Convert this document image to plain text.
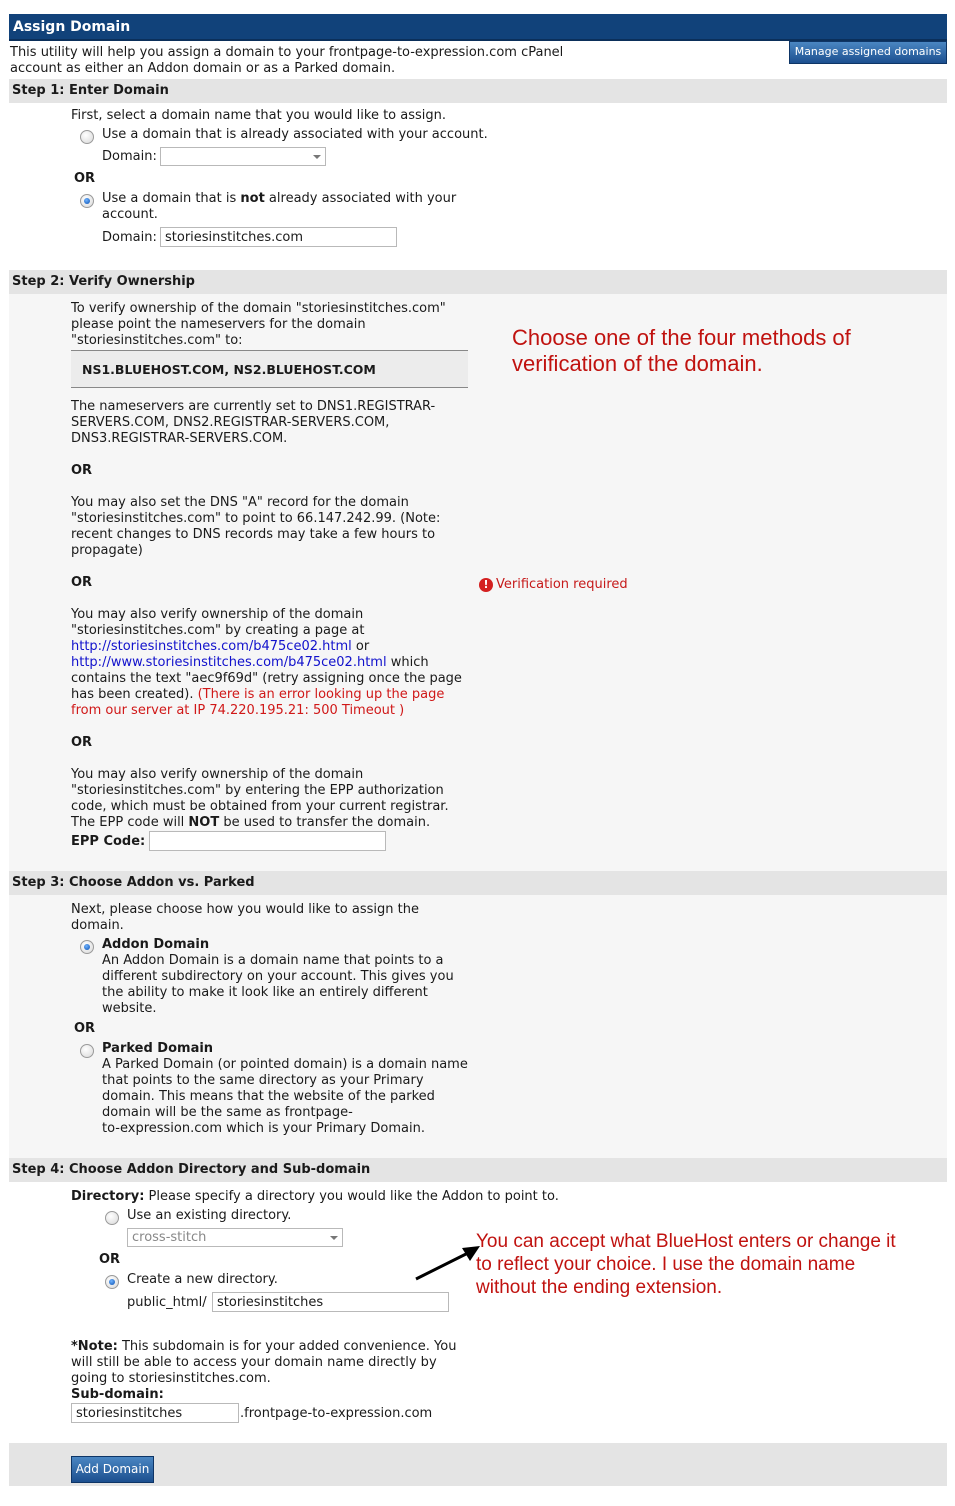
Assign Domain
This utility will help you assign a domain to your frontpage-to-expression.com cPanel
account as either an Addon domain or as a Parked domain.
Manage assigned domains
Step 1: Enter Domain
First, select a domain name that you would like to assign.
Use a domain that is already associated with your account.
Domain:
OR
Use a domain that is not already associated with your
account.
Domain: storiesinstitches.com
Step 2: Verify Ownership
To verify ownership of the domain "storiesinstitches.com"
please point the nameservers for the domain
"storiesinstitches.com" to:
NS1.BLUEHOST.COM, NS2.BLUEHOST.COM
The nameservers are currently set to DNS1.REGISTRAR-
SERVERS.COM, DNS2.REGISTRAR-SERVERS.COM,
DNS3.REGISTRAR-SERVERS.COM.
OR
You may also set the DNS "A" record for the domain
"storiesinstitches.com" to point to 66.147.242.99. (Note:
recent changes to DNS records may take a few hours to
propagate)
OR
You may also verify ownership of the domain
"storiesinstitches.com" by creating a page at
http://storiesinstitches.com/b475ce02.html or
http://www.storiesinstitches.com/b475ce02.html which
contains the text "aec9f69d" (retry assigning once the page
has been created). (There is an error looking up the page
from our server at IP 74.220.195.21: 500 Timeout )
OR
You may also verify ownership of the domain
"storiesinstitches.com" by entering the EPP authorization
code, which must be obtained from your current registrar.
The EPP code will NOT be used to transfer the domain.
EPP Code:
! Verification required
Choose one of the four methods of
verification of the domain.
Step 3: Choose Addon vs. Parked
Next, please choose how you would like to assign the
domain.
Addon Domain
An Addon Domain is a domain name that points to a
different subdirectory on your account. This gives you
the ability to make it look like an entirely different
website.
OR
Parked Domain
A Parked Domain (or pointed domain) is a domain name
that points to the same directory as your Primary
domain. This means that the website of the parked
domain will be the same as frontpage-
to-expression.com which is your Primary Domain.
Step 4: Choose Addon Directory and Sub-domain
Directory: Please specify a directory you would like the Addon to point to.
Use an existing directory.
cross-stitch
OR
Create a new directory.
public_html/ storiesinstitches
*Note: This subdomain is for your added convenience. You
will still be able to access your domain name directly by
going to storiesinstitches.com.
Sub-domain:
storiesinstitches	.frontpage-to-expression.com
You can accept what BlueHost enters or change it
to reflect your choice. I use the domain name
without the ending extension.
Add Domain
